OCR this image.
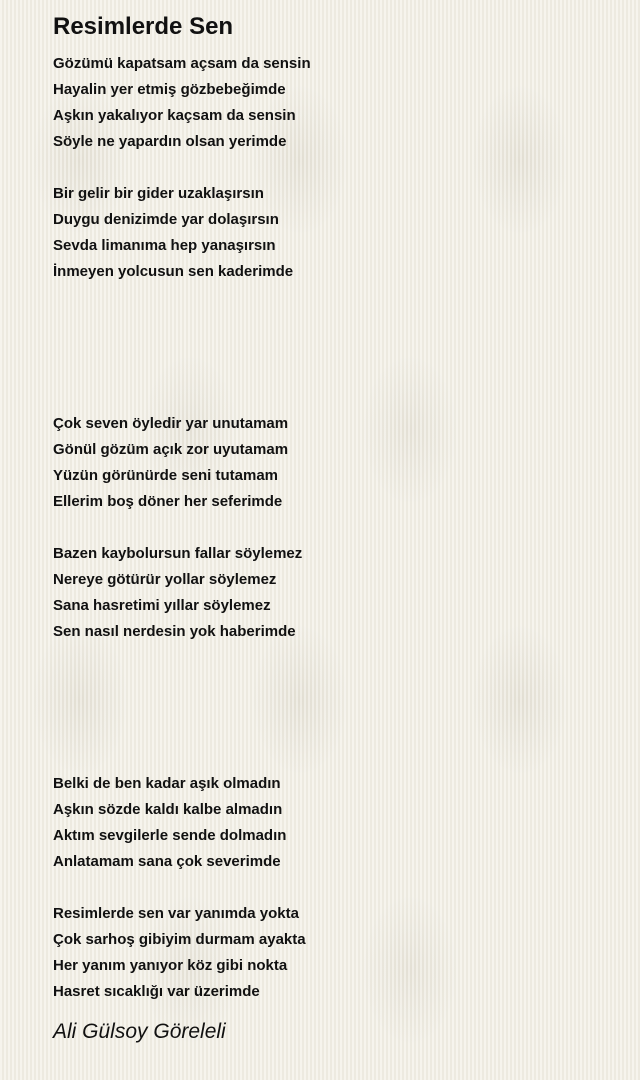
Resimlerde Sen
Gözümü kapatsam açsam da sensin
Hayalin yer etmiş gözbebeğimde
Aşkın yakalıyor kaçsam da sensin
Söyle ne yapardın olsan yerimde
Bir gelir bir gider uzaklaşırsın
Duygu denizimde yar dolaşırsın
Sevda limanıma hep yanaşırsın
İnmeyen yolcusun sen kaderimde
Çok seven öyledir yar unutamam
Gönül gözüm açık zor uyutamam
Yüzün görünürde seni tutamam
Ellerim boş döner her seferimde
Bazen kaybolursun fallar söylemez
Nereye götürür yollar söylemez
Sana hasretimi yıllar söylemez
Sen nasıl nerdesin yok haberimde
Belki de ben kadar aşık olmadın
Aşkın sözde kaldı kalbe almadın
Aktım sevgilerle sende dolmadın
Anlatamam sana çok severimde
Resimlerde sen var yanımda yokta
Çok sarhoş gibiyim durmam ayakta
Her yanım yanıyor köz gibi nokta
Hasret sıcaklığı var üzerimde
Ali Gülsoy Göreleli
